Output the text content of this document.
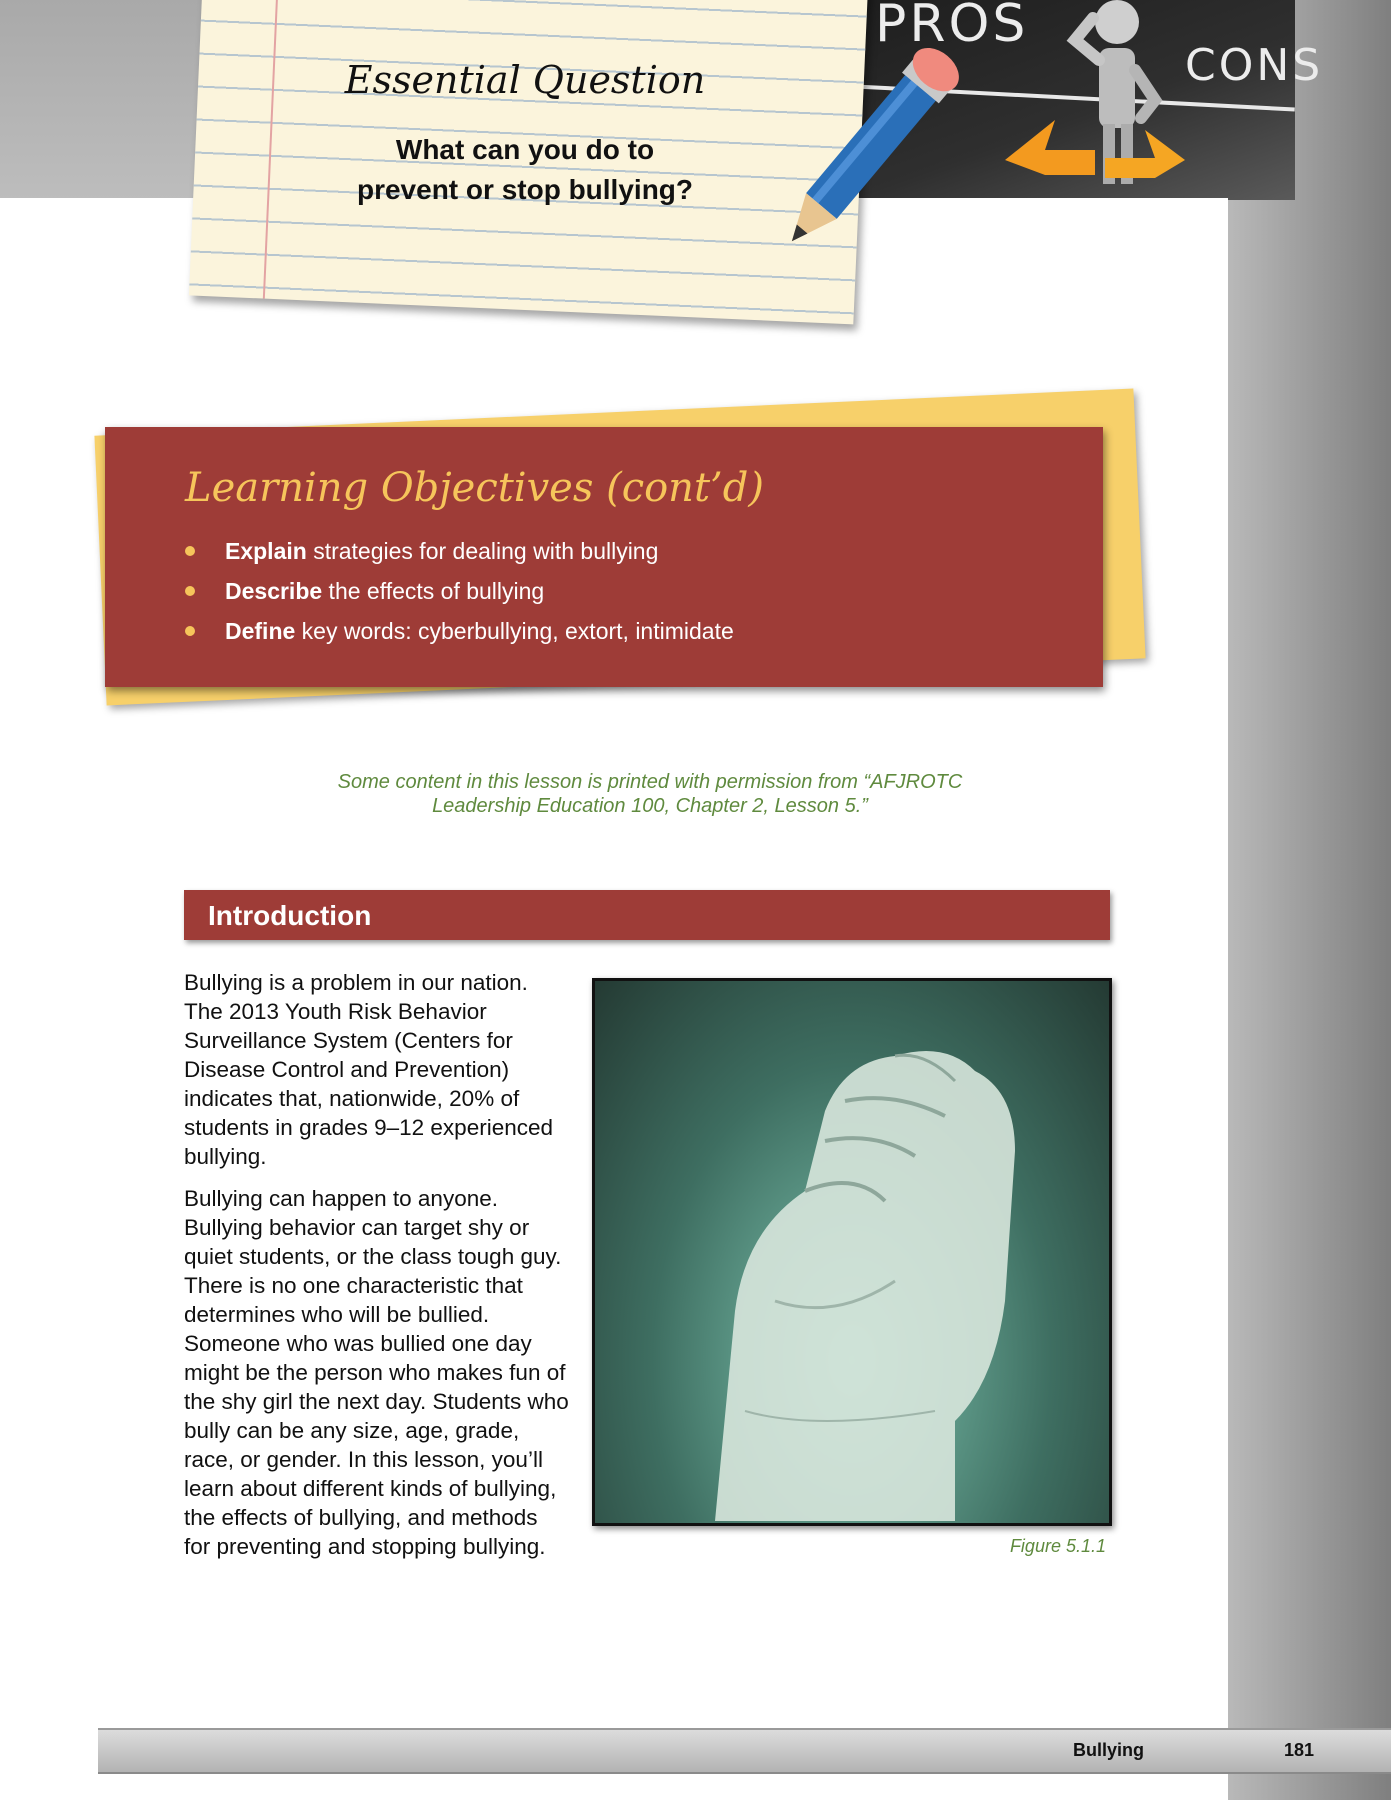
PROS
CONS
Essential Question
What can you do to
prevent or stop bullying?
Learning Objectives (cont’d)
Explain strategies for dealing with bullying
Describe the effects of bullying
Define key words: cyberbullying, extort, intimidate
Some content in this lesson is printed with permission from “AFJROTC
Leadership Education 100, Chapter 2, Lesson 5.”
Introduction

Bullying is a problem in our nation. The 2013 Youth Risk Behavior Surveillance System (Centers for Disease Control and Prevention) indicates that, nationwide, 20% of students in grades 9–12 experienced bullying.

Bullying can happen to anyone. Bullying behavior can target shy or quiet students, or the class tough guy. There is no one characteristic that determines who will be bullied. Someone who was bullied one day might be the person who makes fun of the shy girl the next day. Students who bully can be any size, age, grade, race, or gender. In this lesson, you’ll learn about different kinds of bullying, the effects of bullying, and methods for preventing and stopping bullying.	Figure 5.1.1
Bullying	181
